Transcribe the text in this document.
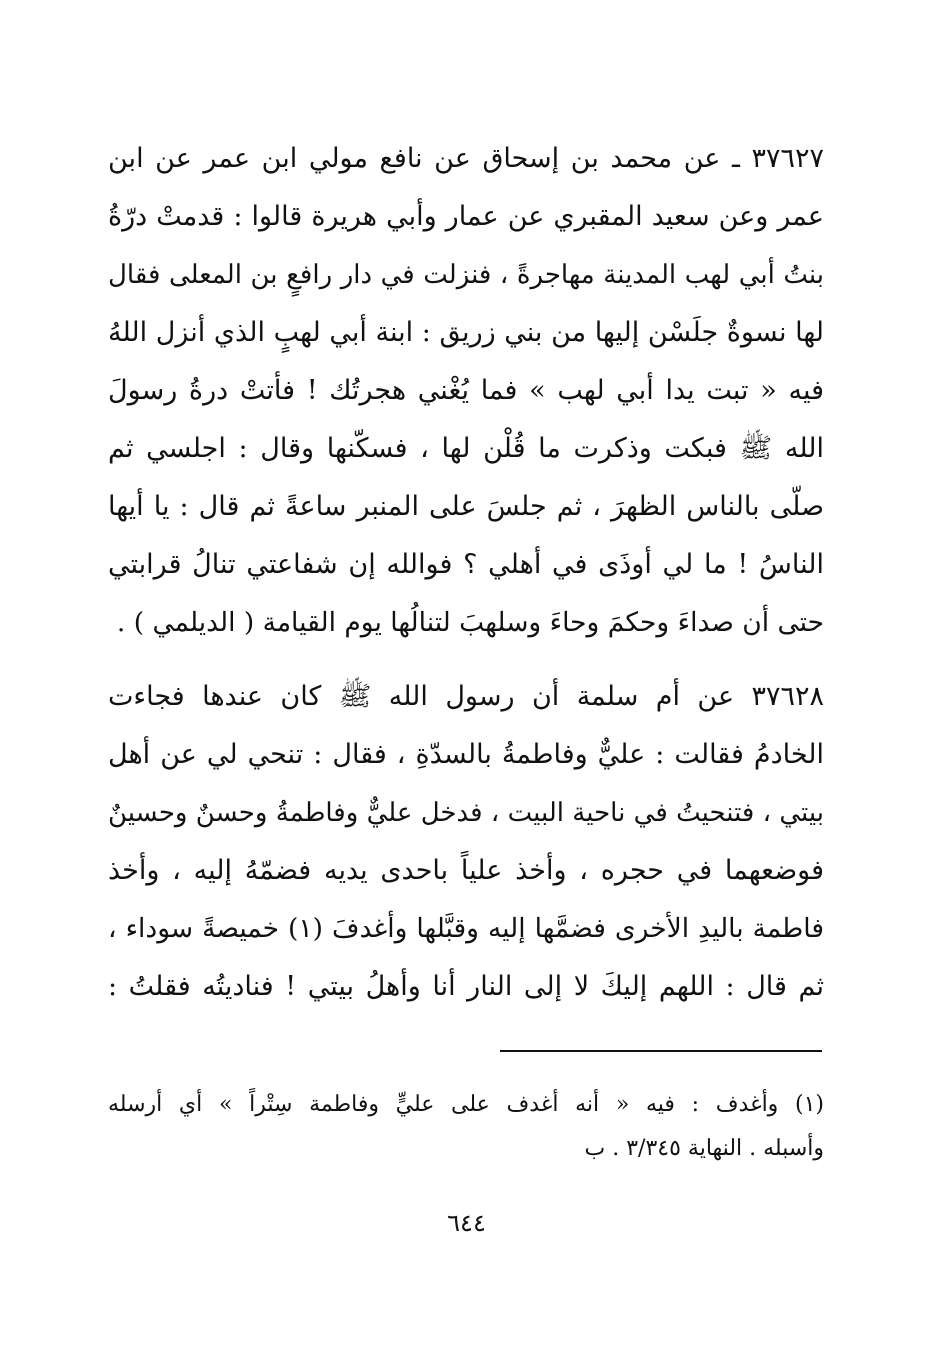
٣٧٦٢٧ ـ عن محمد بن إسحاق عن نافع مولي ابن عمر عن ابن
عمر وعن سعيد المقبري عن عمار وأبي هريرة قالوا : قدمتْ درّةُ
بنتُ أبي لهب المدينة مهاجرةً ، فنزلت في دار رافعٍ بن المعلى فقال
لها نسوةٌ جلَسْن إليها من بني زريق : ابنة أبي لهبٍ الذي أنزل اللهُ
فيه « تبت يدا أبي لهب » فما يُغْني هجرتُك ! فأتتْ درةُ رسولَ
الله ﷺ فبكت وذكرت ما قُلْن لها ، فسكّنها وقال : اجلسي ثم
صلّى بالناس الظهرَ ، ثم جلسَ على المنبر ساعةً ثم قال : يا أيها
الناسُ ! ما لي أوذَى في أهلي ؟ فوالله إن شفاعتي تنالُ قرابتي
حتى أن صداءَ وحكمَ وحاءَ وسلهبَ لتنالُها يوم القيامة ( الديلمي ) .
٣٧٦٢٨ عن أم سلمة أن رسول الله ﷺ كان عندها فجاءت
الخادمُ فقالت : عليٌّ وفاطمةُ بالسدّةِ ، فقال : تنحي لي عن أهل
بيتي ، فتنحيتُ في ناحية البيت ، فدخل عليٌّ وفاطمةُ وحسنٌ وحسينٌ
فوضعهما في حجره ، وأخذ علياً باحدى يديه فضمّهُ إليه ، وأخذ
فاطمة باليدِ الأخرى فضمَّها إليه وقبَّلها وأغدفَ (١) خميصةً سوداء ،
ثم قال : اللهم إليكَ لا إلى النار أنا وأهلُ بيتي ! فناديتُه فقلتُ :
(١) وأغدف : فيه « أنه أغدف على عليٍّ وفاطمة سِتْراً » أي أرسله
وأسبله . النهاية ٣/٣٤٥ . ب
٦٤٤
